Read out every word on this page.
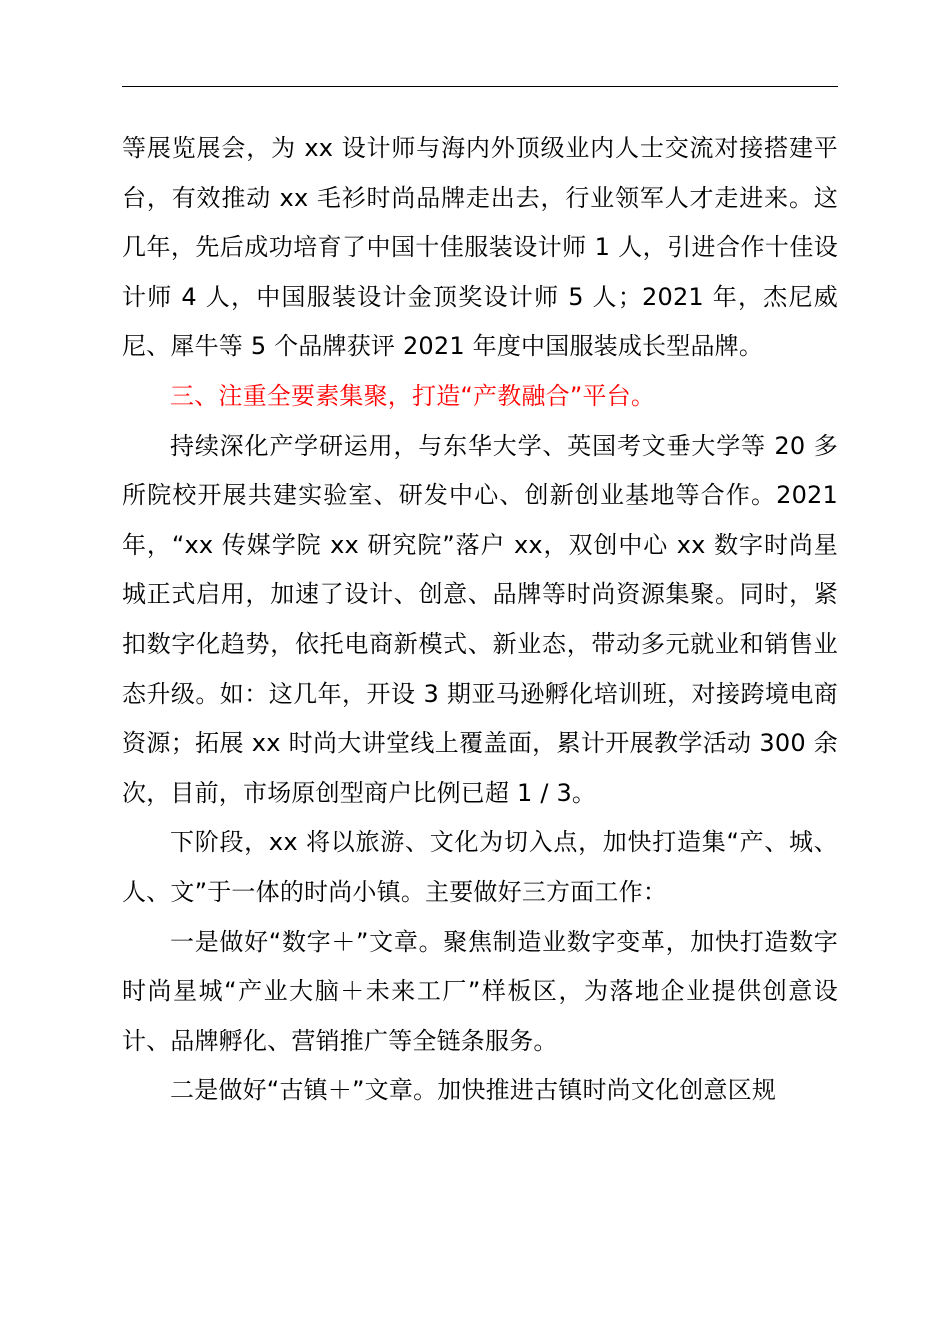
等展览展会，为 xx 设计师与海内外顶级业内人士交流对接搭建平台，有效推动 xx 毛衫时尚品牌走出去，行业领军人才走进来。这几年，先后成功培育了中国十佳服装设计师 1 人，引进合作十佳设计师 4 人，中国服装设计金顶奖设计师 5 人；2021 年，杰尼威尼、犀牛等 5 个品牌获评 2021 年度中国服装成长型品牌。

三、注重全要素集聚，打造“产教融合”平台。

持续深化产学研运用，与东华大学、英国考文垂大学等 20 多所院校开展共建实验室、研发中心、创新创业基地等合作。2021 年，“xx 传媒学院 xx 研究院”落户 xx，双创中心 xx 数字时尚星城正式启用，加速了设计、创意、品牌等时尚资源集聚。同时，紧扣数字化趋势，依托电商新模式、新业态，带动多元就业和销售业态升级。如：这几年，开设 3 期亚马逊孵化培训班，对接跨境电商资源；拓展 xx 时尚大讲堂线上覆盖面，累计开展教学活动 300 余次，目前，市场原创型商户比例已超 1 / 3。

下阶段，xx 将以旅游、文化为切入点，加快打造集“产、城、人、文”于一体的时尚小镇。主要做好三方面工作：

一是做好“数字＋”文章。聚焦制造业数字变革，加快打造数字时尚星城“产业大脑＋未来工厂”样板区，为落地企业提供创意设计、品牌孵化、营销推广等全链条服务。

二是做好“古镇＋”文章。加快推进古镇时尚文化创意区规
